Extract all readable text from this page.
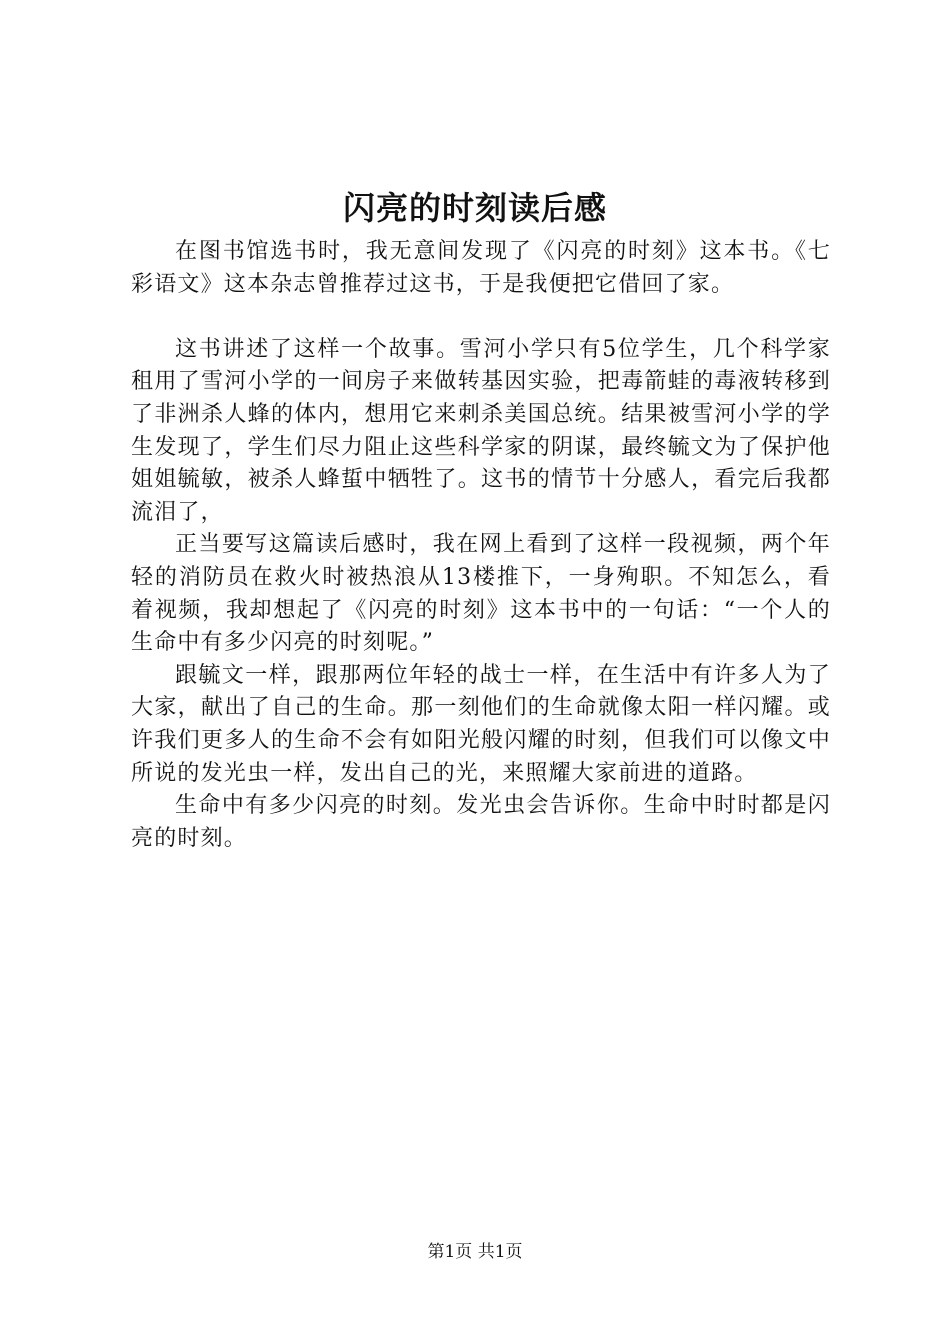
闪亮的时刻读后感

在图书馆选书时，我无意间发现了《闪亮的时刻》这本书。《七彩语文》这本杂志曾推荐过这书，于是我便把它借回了家。

这书讲述了这样一个故事。雪河小学只有5位学生，几个科学家租用了雪河小学的一间房子来做转基因实验，把毒箭蛙的毒液转移到了非洲杀人蜂的体内，想用它来刺杀美国总统。结果被雪河小学的学生发现了，学生们尽力阻止这些科学家的阴谋，最终毓文为了保护他姐姐毓敏，被杀人蜂蜇中牺牲了。这书的情节十分感人，看完后我都流泪了，

正当要写这篇读后感时，我在网上看到了这样一段视频，两个年轻的消防员在救火时被热浪从13楼推下，一身殉职。不知怎么，看着视频，我却想起了《闪亮的时刻》这本书中的一句话：“一个人的生命中有多少闪亮的时刻呢。”

跟毓文一样，跟那两位年轻的战士一样，在生活中有许多人为了大家，献出了自己的生命。那一刻他们的生命就像太阳一样闪耀。或许我们更多人的生命不会有如阳光般闪耀的时刻，但我们可以像文中所说的发光虫一样，发出自己的光，来照耀大家前进的道路。

生命中有多少闪亮的时刻。发光虫会告诉你。生命中时时都是闪亮的时刻。

第1页 共1页
